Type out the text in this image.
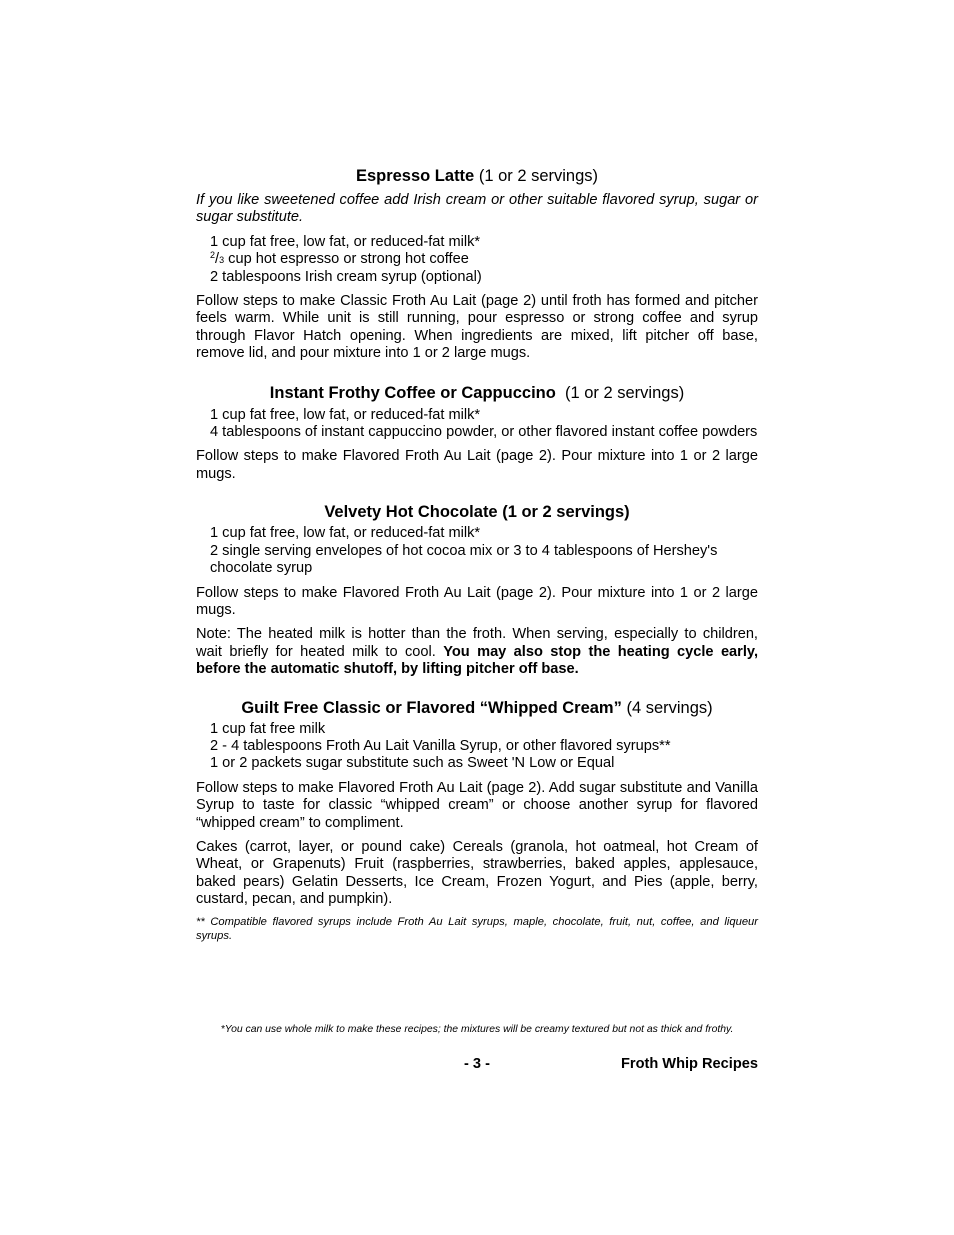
Espresso Latte (1 or 2 servings)

If you like sweetened coffee add Irish cream or other suitable flavored syrup, sugar or sugar substitute.

1 cup fat free, low fat, or reduced-fat milk*
$^2$/3 cup hot espresso or strong hot coffee
2 tablespoons Irish cream syrup (optional)

Follow steps to make Classic Froth Au Lait (page 2) until froth has formed and pitcher feels warm. While unit is still running, pour espresso or strong coffee and syrup through Flavor Hatch opening. When ingredients are mixed, lift pitcher off base, remove lid, and pour mixture into 1 or 2 large mugs.

Instant Frothy Coffee or Cappuccino (1 or 2 servings)

1 cup fat free, low fat, or reduced-fat milk*
4 tablespoons of instant cappuccino powder, or other flavored instant coffee powders

Follow steps to make Flavored Froth Au Lait (page 2). Pour mixture into 1 or 2 large mugs.

Velvety Hot Chocolate (1 or 2 servings)

1 cup fat free, low fat, or reduced-fat milk*
2 single serving envelopes of hot cocoa mix or 3 to 4 tablespoons of Hershey's chocolate syrup

Follow steps to make Flavored Froth Au Lait (page 2). Pour mixture into 1 or 2 large mugs.

Note: The heated milk is hotter than the froth. When serving, especially to children, wait briefly for heated milk to cool. You may also stop the heating cycle early, before the automatic shutoff, by lifting pitcher off base.

Guilt Free Classic or Flavored “Whipped Cream” (4 servings)

1 cup fat free milk
2 - 4 tablespoons Froth Au Lait Vanilla Syrup, or other flavored syrups**
1 or 2 packets sugar substitute such as Sweet 'N Low or Equal

Follow steps to make Flavored Froth Au Lait (page 2). Add sugar substitute and Vanilla Syrup to taste for classic “whipped cream” or choose another syrup for flavored “whipped cream” to compliment.

Cakes (carrot, layer, or pound cake) Cereals (granola, hot oatmeal, hot Cream of Wheat, or Grapenuts) Fruit (raspberries, strawberries, baked apples, applesauce, baked pears) Gelatin Desserts, Ice Cream, Frozen Yogurt, and Pies (apple, berry, custard, pecan, and pumpkin).

** Compatible flavored syrups include Froth Au Lait syrups, maple, chocolate, fruit, nut, coffee, and liqueur syrups.

*You can use whole milk to make these recipes; the mixtures will be creamy textured but not as thick and frothy.
- 3 -	Froth Whip Recipes
